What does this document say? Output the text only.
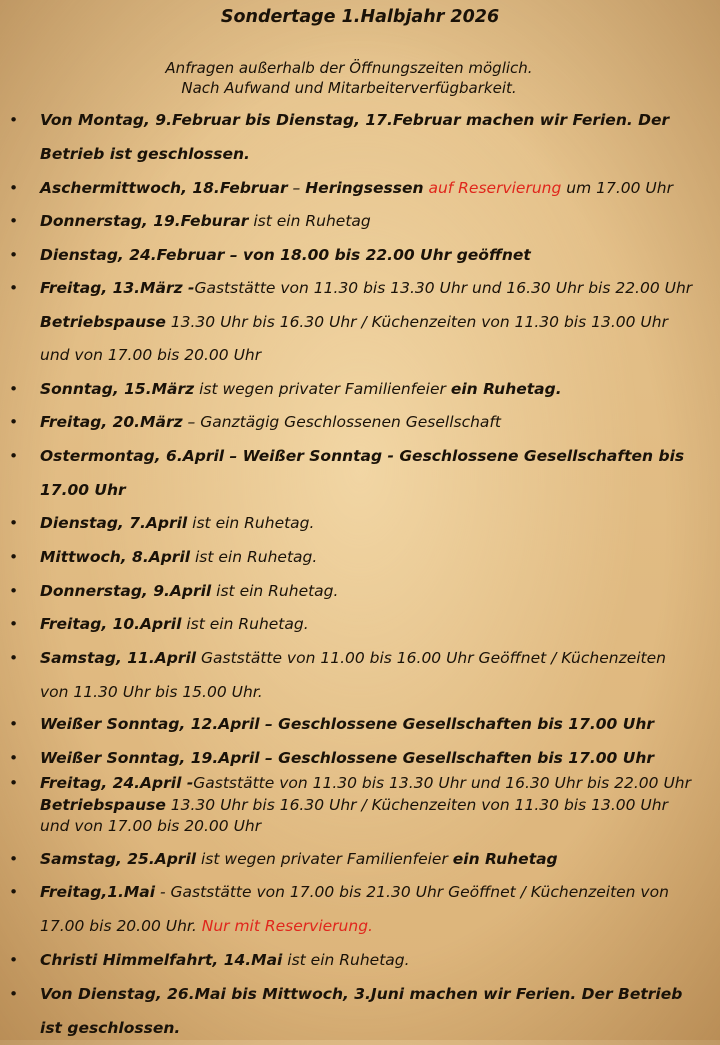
Sondertage 1.Halbjahr 2026
Anfragen außerhalb der Öffnungszeiten möglich.
Nach Aufwand und Mitarbeiterverfügbarkeit.
• Von Montag, 9.Februar bis Dienstag, 17.Februar machen wir Ferien. Der Betrieb ist geschlossen.
• Aschermittwoch, 18.Februar – Heringsessen auf Reservierung um 17.00 Uhr
• Donnerstag, 19.Feburar ist ein Ruhetag
• Dienstag, 24.Februar – von 18.00 bis 22.00 Uhr geöffnet
• Freitag, 13.März -Gaststätte von 11.30 bis 13.30 Uhr und 16.30 Uhr bis 22.00 Uhr Betriebspause 13.30 Uhr bis 16.30 Uhr / Küchenzeiten von 11.30 bis 13.00 Uhr und von 17.00 bis 20.00 Uhr
• Sonntag, 15.März ist wegen privater Familienfeier ein Ruhetag.
• Freitag, 20.März – Ganztägig Geschlossenen Gesellschaft
• Ostermontag, 6.April – Weißer Sonntag - Geschlossene Gesellschaften bis 17.00 Uhr
• Dienstag, 7.April ist ein Ruhetag.
• Mittwoch, 8.April ist ein Ruhetag.
• Donnerstag, 9.April ist ein Ruhetag.
• Freitag, 10.April ist ein Ruhetag.
• Samstag, 11.April Gaststätte von 11.00 bis 16.00 Uhr Geöffnet / Küchenzeiten von 11.30 Uhr bis 15.00 Uhr.
• Weißer Sonntag, 12.April – Geschlossene Gesellschaften bis 17.00 Uhr
• Weißer Sonntag, 19.April – Geschlossene Gesellschaften bis 17.00 Uhr
• Freitag, 24.April -Gaststätte von 11.30 bis 13.30 Uhr und 16.30 Uhr bis 22.00 Uhr Betriebspause 13.30 Uhr bis 16.30 Uhr / Küchenzeiten von 11.30 bis 13.00 Uhr und von 17.00 bis 20.00 Uhr
• Samstag, 25.April ist wegen privater Familienfeier ein Ruhetag
• Freitag,1.Mai - Gaststätte von 17.00 bis 21.30 Uhr Geöffnet / Küchenzeiten von 17.00 bis 20.00 Uhr. Nur mit Reservierung.
• Christi Himmelfahrt, 14.Mai ist ein Ruhetag.
• Von Dienstag, 26.Mai bis Mittwoch, 3.Juni machen wir Ferien. Der Betrieb ist geschlossen.
